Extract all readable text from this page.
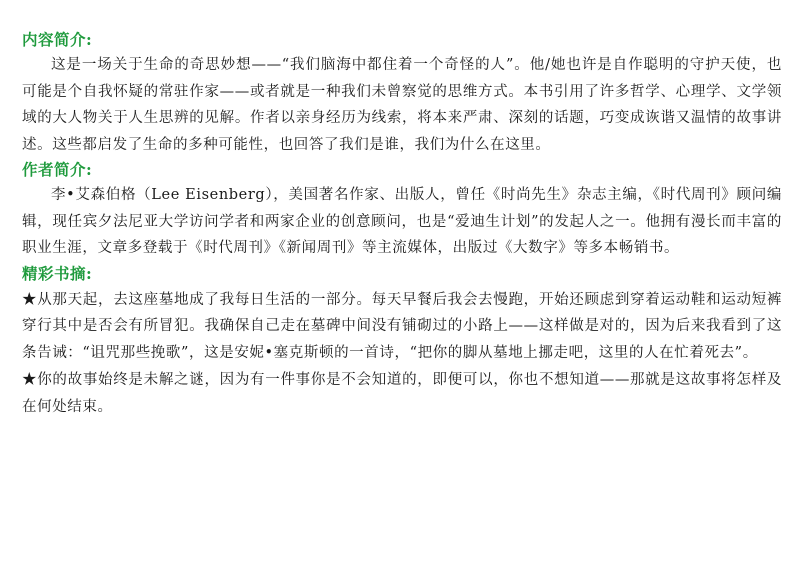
内容简介:

这是一场关于生命的奇思妙想——“我们脑海中都住着一个奇怪的人”。他/她也许是自作聪明的守护天使，也可能是个自我怀疑的常驻作家——或者就是一种我们未曾察觉的思维方式。本书引用了许多哲学、心理学、文学领域的大人物关于人生思辨的见解。作者以亲身经历为线索，将本来严肃、深刻的话题，巧变成诙谐又温情的故事讲述。这些都启发了生命的多种可能性，也回答了我们是谁，我们为什么在这里。

作者简介:

李•艾森伯格（Lee Eisenberg），美国著名作家、出版人，曾任《时尚先生》杂志主编，《时代周刊》顾问编辑，现任宾夕法尼亚大学访问学者和两家企业的创意顾问，也是“爱迪生计划”的发起人之一。他拥有漫长而丰富的职业生涯，文章多登载于《时代周刊》《新闻周刊》等主流媒体，出版过《大数字》等多本畅销书。

精彩书摘:

★从那天起，去这座墓地成了我每日生活的一部分。每天早餐后我会去慢跑，开始还顾虑到穿着运动鞋和运动短裤穿行其中是否会有所冒犯。我确保自己走在墓碑中间没有铺砌过的小路上——这样做是对的，因为后来我看到了这条告诫：“诅咒那些挽歌”，这是安妮•塞克斯顿的一首诗，“把你的脚从墓地上挪走吧，这里的人在忙着死去”。

★你的故事始终是未解之谜，因为有一件事你是不会知道的，即便可以，你也不想知道——那就是这故事将怎样及在何处结束。
